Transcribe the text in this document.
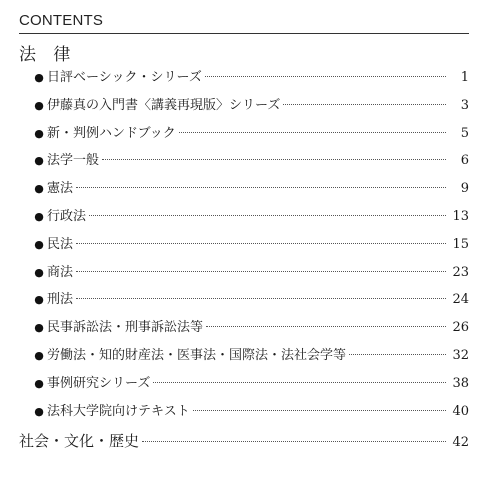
CONTENTS
法 律
● 日評ベーシック・シリーズ	1
● 伊藤真の入門書〈講義再現版〉シリーズ	3
● 新・判例ハンドブック	5
● 法学一般	6
● 憲法	9
● 行政法	13
● 民法	15
● 商法	23
● 刑法	24
● 民事訴訟法・刑事訴訟法等	26
● 労働法・知的財産法・医事法・国際法・法社会学等	32
● 事例研究シリーズ	38
● 法科大学院向けテキスト	40
社会・文化・歴史	42
